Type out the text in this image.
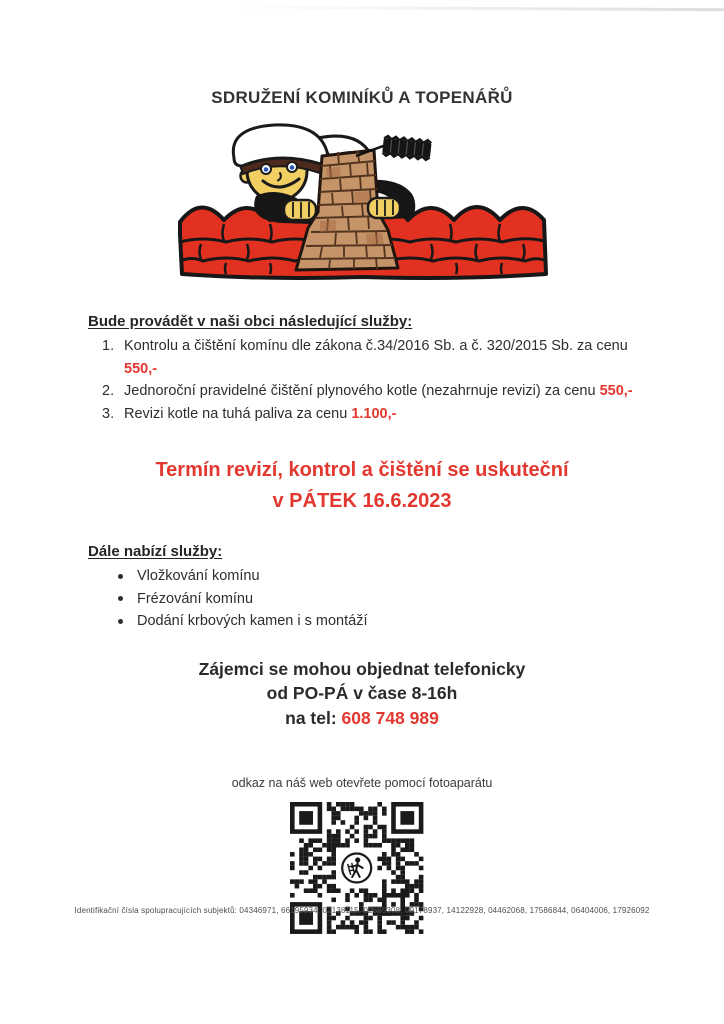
SDRUŽENÍ KOMINÍKŮ A TOPENÁŘŮ
Bude provádět v naši obci následující služby:
1. Kontrolu a čištění komínu dle zákona č.34/2016 Sb. a č. 320/2015 Sb. za cenu 550,-
2. Jednoroční pravidelné čištění plynového kotle (nezahrnuje revizi) za cenu 550,-
3. Revizi kotle na tuhá paliva za cenu 1.100,-
Termín revizí, kontrol a čištění se uskuteční
v PÁTEK 16.6.2023
Dále nabízí služby:
Vložkování komínu
Frézování komínu
Dodání krbových kamen i s montáží
Zájemci se mohou objednat telefonicky
od PO-PÁ v čase 8-16h
na tel: 608 748 989
odkaz na náš web otevřete pomocí fotoaparátu
Identifikační čísla spolupracujících subjektů: 04346971, 66195934, 02138115, 02695308, 09178937, 14122928, 04462068, 17586844, 06404006, 17926092
